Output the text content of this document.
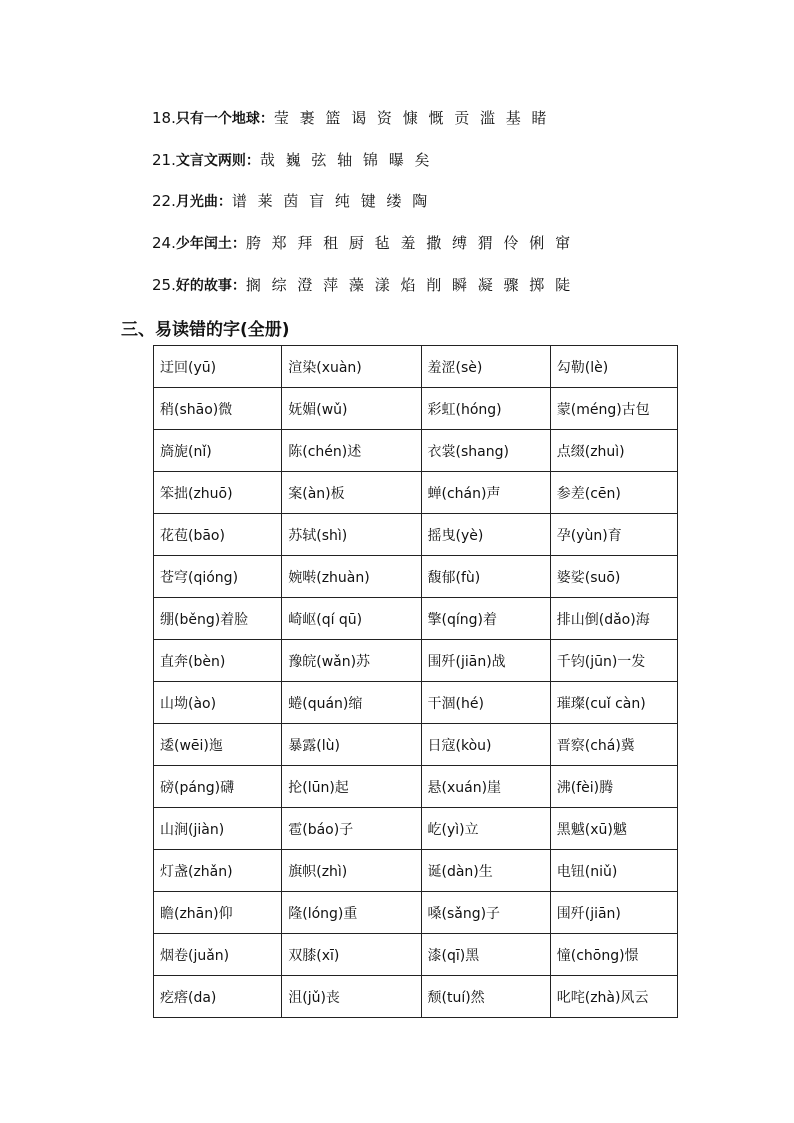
18.只有一个地球：莹 裹 篮 谒 资 慷 慨 贡 滥 基 睹
21.文言文两则：哉 巍 弦 轴 锦 曝 矣
22.月光曲：谱 莱 茵 盲 纯 键 缕 陶
24.少年闰土：胯 郑 拜 租 厨 毡 羞 撒 缚 猬 伶 俐 窜
25.好的故事：搁 综 澄 萍 藻 漾 焰 削 瞬 凝 骤 掷 陡
三、易读错的字(全册)
迂回(yū)	渲染(xuàn)	羞涩(sè)	勾勒(lè)
稍(shāo)微	妩媚(wǔ)	彩虹(hóng)	蒙(méng)古包
旖旎(nǐ)	陈(chén)述	衣裳(shang)	点缀(zhuì)
笨拙(zhuō)	案(àn)板	蝉(chán)声	参差(cēn)
花苞(bāo)	苏轼(shì)	摇曳(yè)	孕(yùn)育
苍穹(qióng)	婉啭(zhuàn)	馥郁(fù)	婆娑(suō)
绷(běng)着脸	崎岖(qí qū)	擎(qíng)着	排山倒(dǎo)海
直奔(bèn)	豫皖(wǎn)苏	围歼(jiān)战	千钧(jūn)一发
山坳(ào)	蜷(quán)缩	干涸(hé)	璀璨(cuǐ càn)
逶(wēi)迤	暴露(lù)	日寇(kòu)	晋察(chá)冀
磅(páng)礴	抡(lūn)起	悬(xuán)崖	沸(fèi)腾
山涧(jiàn)	雹(báo)子	屹(yì)立	黑魆(xū)魆
灯盏(zhǎn)	旗帜(zhì)	诞(dàn)生	电钮(niǔ)
瞻(zhān)仰	隆(lóng)重	嗓(sǎng)子	围歼(jiān)
烟卷(juǎn)	双膝(xī)	漆(qī)黑	憧(chōng)憬
疙瘩(da)	沮(jǔ)丧	颓(tuí)然	叱咤(zhà)风云
